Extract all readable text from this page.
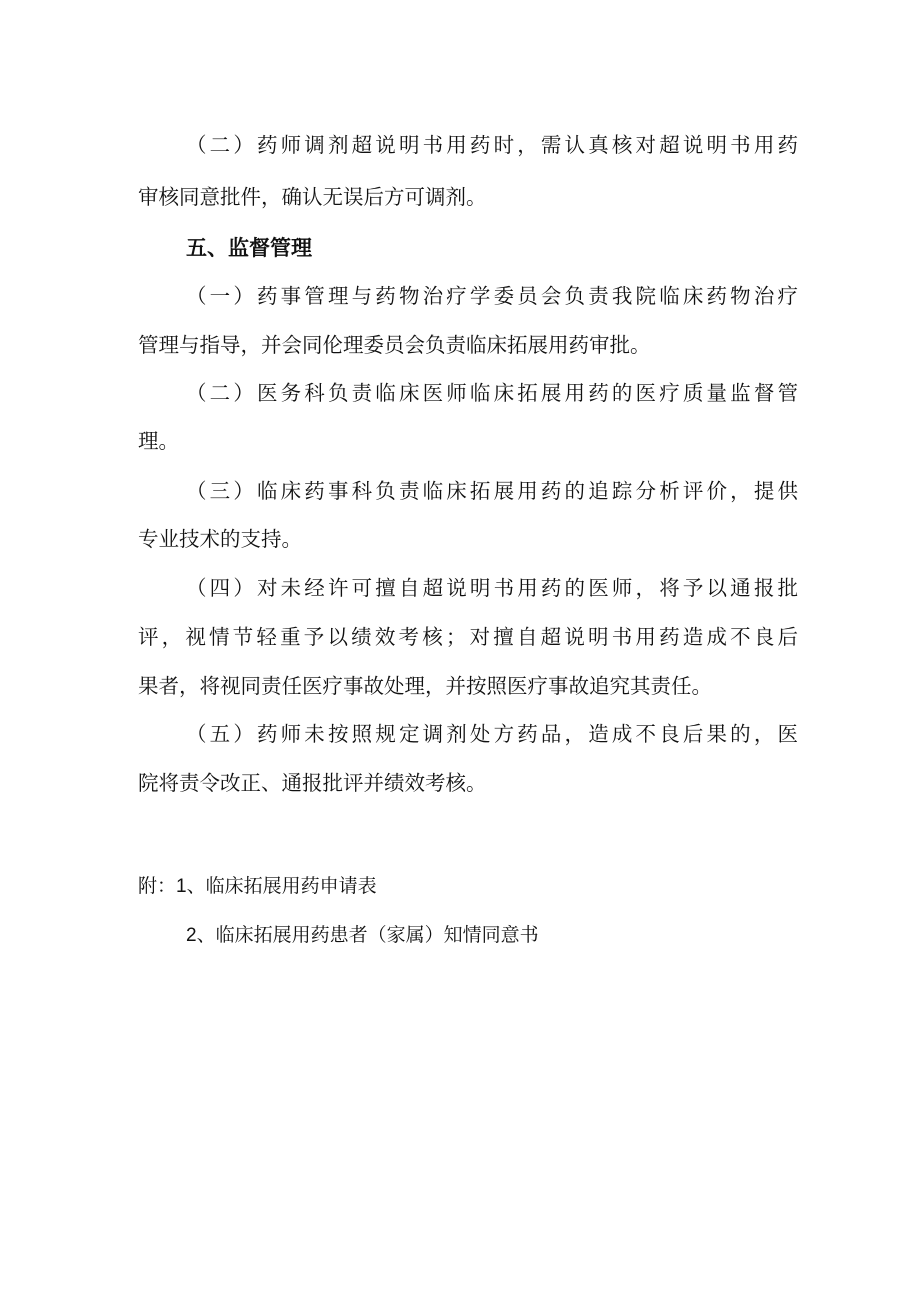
（二）药师调剂超说明书用药时，需认真核对超说明书用药
审核同意批件，确认无误后方可调剂。
五、监督管理
（一）药事管理与药物治疗学委员会负责我院临床药物治疗
管理与指导，并会同伦理委员会负责临床拓展用药审批。
（二）医务科负责临床医师临床拓展用药的医疗质量监督管
理。
（三）临床药事科负责临床拓展用药的追踪分析评价，提供
专业技术的支持。
（四）对未经许可擅自超说明书用药的医师，将予以通报批
评，视情节轻重予以绩效考核；对擅自超说明书用药造成不良后
果者，将视同责任医疗事故处理，并按照医疗事故追究其责任。
（五）药师未按照规定调剂处方药品，造成不良后果的，医
院将责令改正、通报批评并绩效考核。
附：1、临床拓展用药申请表
2、临床拓展用药患者（家属）知情同意书
